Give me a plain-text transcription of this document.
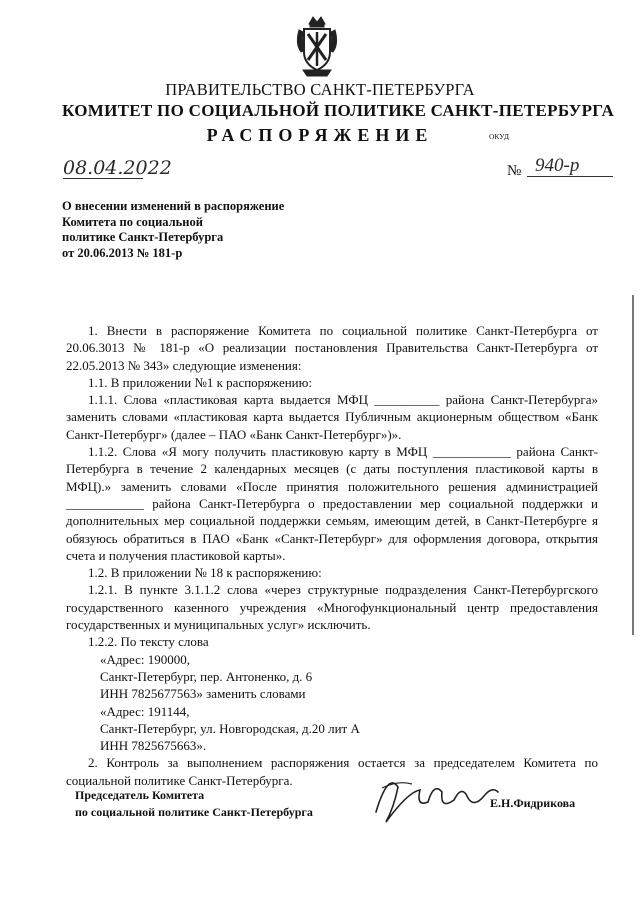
ПРАВИТЕЛЬСТВО САНКТ-ПЕТЕРБУРГА
КОМИТЕТ ПО СОЦИАЛЬНОЙ ПОЛИТИКЕ САНКТ-ПЕТЕРБУРГА
РАСПОРЯЖЕНИЕ	ОКУД
08.04.2022	№ 940-р
О внесении изменений в распоряжение
Комитета по социальной
политике Санкт-Петербурга
от 20.06.2013 № 181-р

1. Внести в распоряжение Комитета по социальной политике Санкт-Петербурга от 20.06.3013 № 181-р «О реализации постановления Правительства Санкт-Петербурга от 22.05.2013 № 343» следующие изменения:

1.1. В приложении №1 к распоряжению:

1.1.1. Слова «пластиковая карта выдается МФЦ __________ района Санкт-Петербурга» заменить словами «пластиковая карта выдается Публичным акционерным обществом «Банк Санкт-Петербург» (далее – ПАО «Банк Санкт-Петербург»)».

1.1.2. Слова «Я могу получить пластиковую карту в МФЦ ____________ района Санкт-Петербурга в течение 2 календарных месяцев (с даты поступления пластиковой карты в МФЦ).» заменить словами «После принятия положительного решения администрацией ____________ района Санкт-Петербурга о предоставлении мер социальной поддержки и дополнительных мер социальной поддержки семьям, имеющим детей, в Санкт-Петербурге я обязуюсь обратиться в ПАО «Банк «Санкт-Петербург» для оформления договора, открытия счета и получения пластиковой карты».

1.2. В приложении № 18 к распоряжению:

1.2.1. В пункте 3.1.1.2 слова «через структурные подразделения Санкт-Петербургского государственного казенного учреждения «Многофункциональный центр предоставления государственных и муниципальных услуг» исключить.

1.2.2. По тексту слова

«Адрес: 190000,

Санкт-Петербург, пер. Антоненко, д. 6

ИНН 7825677563» заменить словами

«Адрес: 191144,

Санкт-Петербург, ул. Новгородская, д.20 лит А

ИНН 7825675663».

2. Контроль за выполнением распоряжения остается за председателем Комитета по социальной политике Санкт-Петербурга.

Председатель Комитета
по социальной политике Санкт-Петербурга
Е.Н.Фидрикова
